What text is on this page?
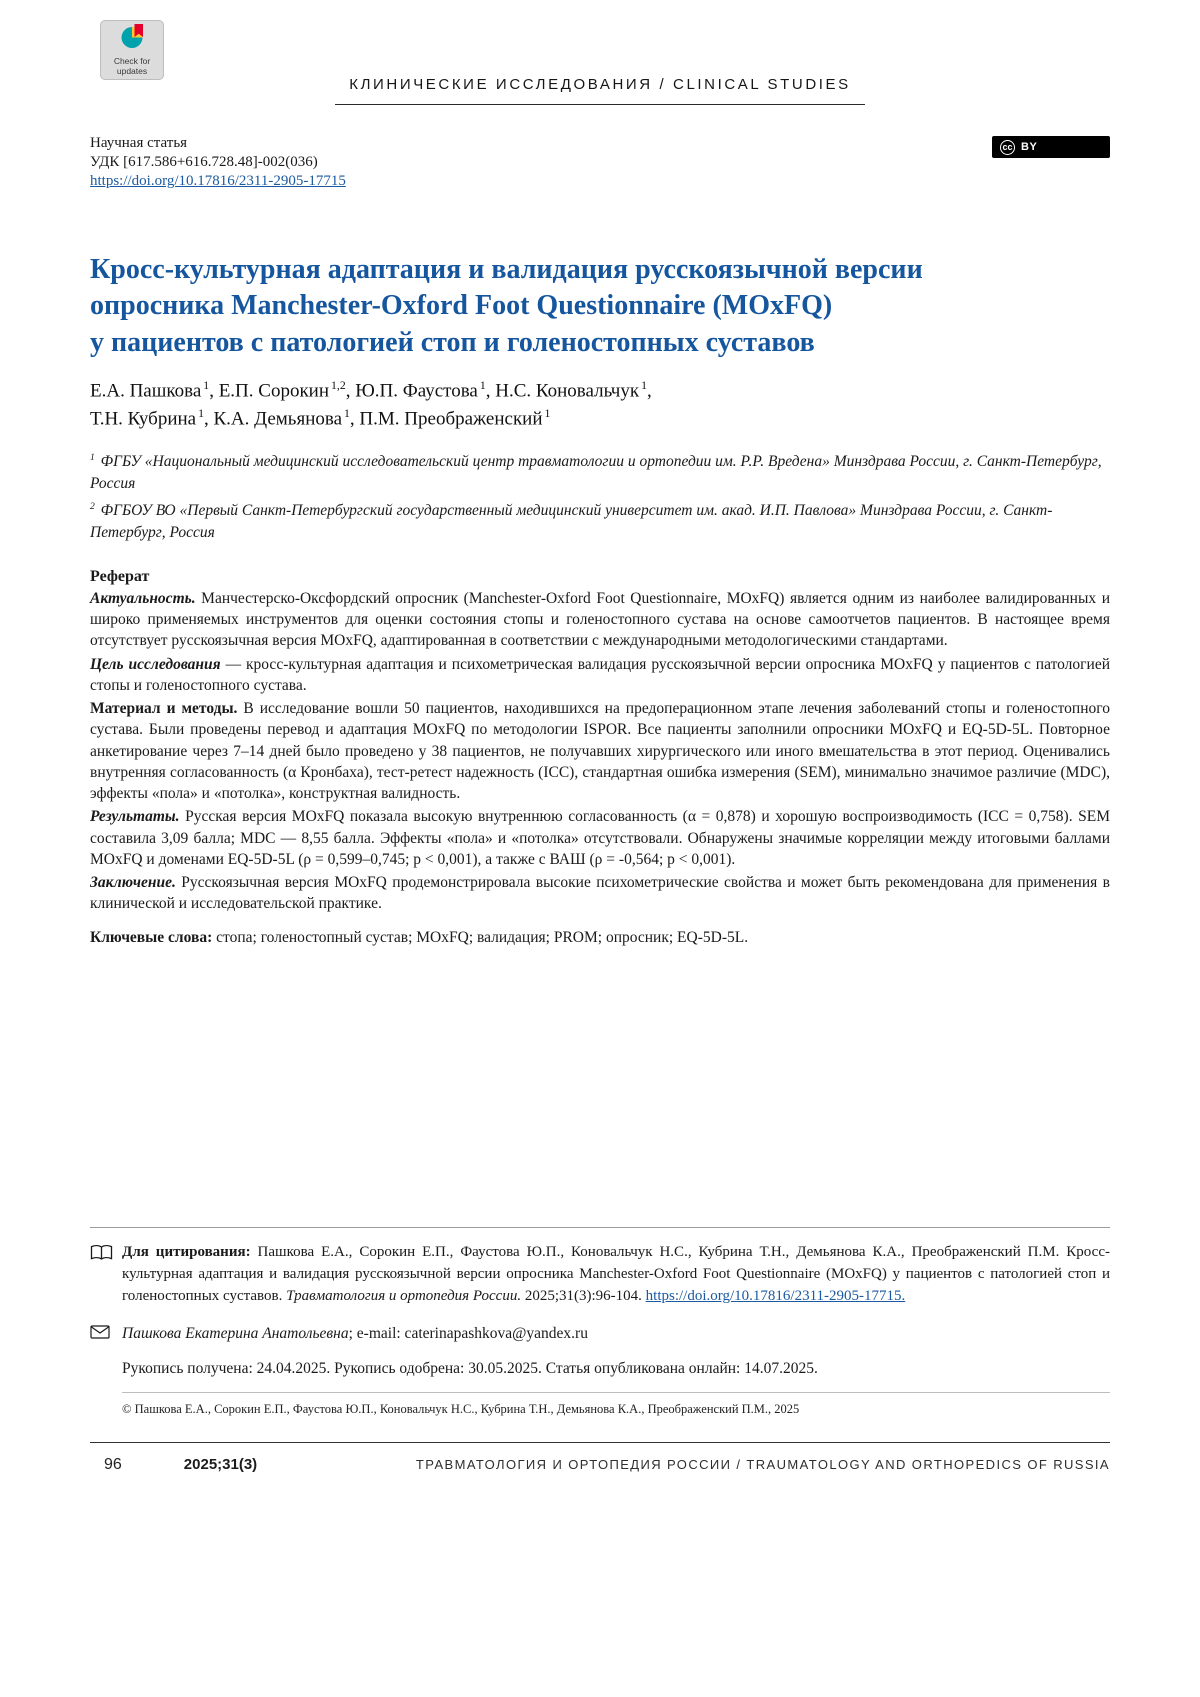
Check for
updates
КЛИНИЧЕСКИЕ ИССЛЕДОВАНИЯ / CLINICAL STUDIES
Научная статья
УДК [617.586+616.728.48]-002(036)
https://doi.org/10.17816/2311-2905-17715
cc BY
Кросс-культурная адаптация и валидация русскоязычной версии
опросника Manchester-Oxford Foot Questionnaire (MOxFQ)
у пациентов с патологией стоп и голеностопных суставов
Е.А. Пашкова $^1$, Е.П. Сорокин $^{1,2}$, Ю.П. Фаустова $^1$, Н.С. Коновальчук $^1$,
Т.Н. Кубрина $^1$, К.А. Демьянова $^1$, П.М. Преображенский $^1$

$^1$ ФГБУ «Национальный медицинский исследовательский центр травматологии и ортопедии им. Р.Р. Вредена» Минздрава России, г. Санкт-Петербург, Россия

$^2$ ФГБОУ ВО «Первый Санкт-Петербургский государственный медицинский университет им. акад. И.П. Павлова» Минздрава России, г. Санкт-Петербург, Россия

Реферат

Актуальность. Манчестерско-Оксфордский опросник (Manchester-Oxford Foot Questionnaire, MOxFQ) является одним из наиболее валидированных и широко применяемых инструментов для оценки состояния стопы и голеностопного сустава на основе самоотчетов пациентов. В настоящее время отсутствует русскоязычная версия MOxFQ, адаптированная в соответствии с международными методологическими стандартами.

Цель исследования — кросс-культурная адаптация и психометрическая валидация русскоязычной версии опросника MOxFQ у пациентов с патологией стопы и голеностопного сустава.

Материал и методы. В исследование вошли 50 пациентов, находившихся на предоперационном этапе лечения заболеваний стопы и голеностопного сустава. Были проведены перевод и адаптация MOxFQ по методологии ISPOR. Все пациенты заполнили опросники MOxFQ и EQ-5D-5L. Повторное анкетирование через 7–14 дней было проведено у 38 пациентов, не получавших хирургического или иного вмешательства в этот период. Оценивались внутренняя согласованность (α Кронбаха), тест-ретест надежность (ICC), стандартная ошибка измерения (SEM), минимально значимое различие (MDC), эффекты «пола» и «потолка», конструктная валидность.

Результаты. Русская версия MOxFQ показала высокую внутреннюю согласованность (α = 0,878) и хорошую воспроизводимость (ICC = 0,758). SEM составила 3,09 балла; MDC — 8,55 балла. Эффекты «пола» и «потолка» отсутствовали. Обнаружены значимые корреляции между итоговыми баллами MOxFQ и доменами EQ-5D-5L (ρ = 0,599–0,745; p < 0,001), а также с ВАШ (ρ = -0,564; p < 0,001).

Заключение. Русскоязычная версия MOxFQ продемонстрировала высокие психометрические свойства и может быть рекомендована для применения в клинической и исследовательской практике.

Ключевые слова: стопа; голеностопный сустав; MOxFQ; валидация; PROM; опросник; EQ-5D-5L.

Для цитирования: Пашкова Е.А., Сорокин Е.П., Фаустова Ю.П., Коновальчук Н.С., Кубрина Т.Н., Демьянова К.А., Преображенский П.М. Кросс-культурная адаптация и валидация русскоязычной версии опросника Manchester-Oxford Foot Questionnaire (MOxFQ) у пациентов с патологией стоп и голеностопных суставов. Травматология и ортопедия России. 2025;31(3):96-104. https://doi.org/10.17816/2311-2905-17715.

Пашкова Екатерина Анатольевна; e-mail: caterinapashkova@yandex.ru

Рукопись получена: 24.04.2025. Рукопись одобрена: 30.05.2025. Статья опубликована онлайн: 14.07.2025.

© Пашкова Е.А., Сорокин Е.П., Фаустова Ю.П., Коновальчук Н.С., Кубрина Т.Н., Демьянова К.А., Преображенский П.М., 2025

96	2025;31(3)	ТРАВМАТОЛОГИЯ И ОРТОПЕДИЯ РОССИИ / TRAUMATOLOGY AND ORTHOPEDICS OF RUSSIA
